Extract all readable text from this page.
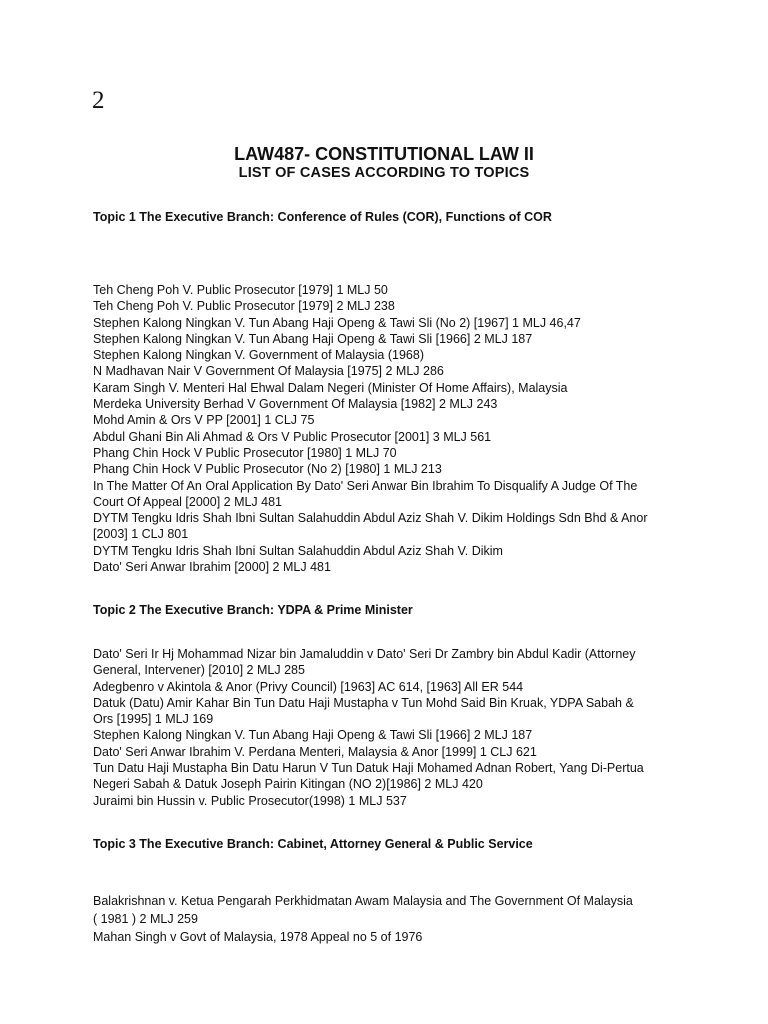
2
LAW487- CONSTITUTIONAL LAW II
LIST OF CASES ACCORDING TO TOPICS
Topic 1 The Executive Branch: Conference of Rules (COR), Functions of COR
Teh Cheng Poh V. Public Prosecutor [1979] 1 MLJ 50
Teh Cheng Poh V. Public Prosecutor [1979] 2 MLJ 238
Stephen Kalong Ningkan V. Tun Abang Haji Openg & Tawi Sli (No 2) [1967] 1 MLJ 46,47
Stephen Kalong Ningkan V. Tun Abang Haji Openg & Tawi Sli [1966] 2 MLJ 187
Stephen Kalong Ningkan V. Government of Malaysia (1968)
N Madhavan Nair V Government Of Malaysia [1975] 2 MLJ 286
Karam Singh V. Menteri Hal Ehwal Dalam Negeri (Minister Of Home Affairs), Malaysia
Merdeka University Berhad V Government Of Malaysia [1982] 2 MLJ 243
Mohd Amin & Ors V PP [2001] 1 CLJ 75
Abdul Ghani Bin Ali Ahmad & Ors V Public Prosecutor [2001] 3 MLJ 561
Phang Chin Hock V Public Prosecutor [1980] 1 MLJ 70
Phang Chin Hock V Public Prosecutor (No 2) [1980] 1 MLJ 213
In The Matter Of An Oral Application By Dato' Seri Anwar Bin Ibrahim To Disqualify A Judge Of The
Court Of Appeal [2000] 2 MLJ 481
DYTM Tengku Idris Shah Ibni Sultan Salahuddin Abdul Aziz Shah V. Dikim Holdings Sdn Bhd & Anor
[2003] 1 CLJ 801
DYTM Tengku Idris Shah Ibni Sultan Salahuddin Abdul Aziz Shah V. Dikim
Dato' Seri Anwar Ibrahim [2000] 2 MLJ 481
Topic 2 The Executive Branch: YDPA & Prime Minister
Dato' Seri Ir Hj Mohammad Nizar bin Jamaluddin v Dato' Seri Dr Zambry bin Abdul Kadir (Attorney
General, Intervener) [2010] 2 MLJ 285
Adegbenro v Akintola & Anor (Privy Council) [1963] AC 614, [1963] All ER 544
Datuk (Datu) Amir Kahar Bin Tun Datu Haji Mustapha v Tun Mohd Said Bin Kruak, YDPA Sabah &
Ors [1995] 1 MLJ 169
Stephen Kalong Ningkan V. Tun Abang Haji Openg & Tawi Sli [1966] 2 MLJ 187
Dato' Seri Anwar Ibrahim V. Perdana Menteri, Malaysia & Anor [1999] 1 CLJ 621
Tun Datu Haji Mustapha Bin Datu Harun V Tun Datuk Haji Mohamed Adnan Robert, Yang Di-Pertua
Negeri Sabah & Datuk Joseph Pairin Kitingan (NO 2)[1986] 2 MLJ 420
Juraimi bin Hussin v. Public Prosecutor(1998) 1 MLJ 537
Topic 3 The Executive Branch: Cabinet, Attorney General & Public Service
Balakrishnan v. Ketua Pengarah Perkhidmatan Awam Malaysia and The Government Of Malaysia
( 1981 ) 2 MLJ 259
Mahan Singh v Govt of Malaysia, 1978 Appeal no 5 of 1976
